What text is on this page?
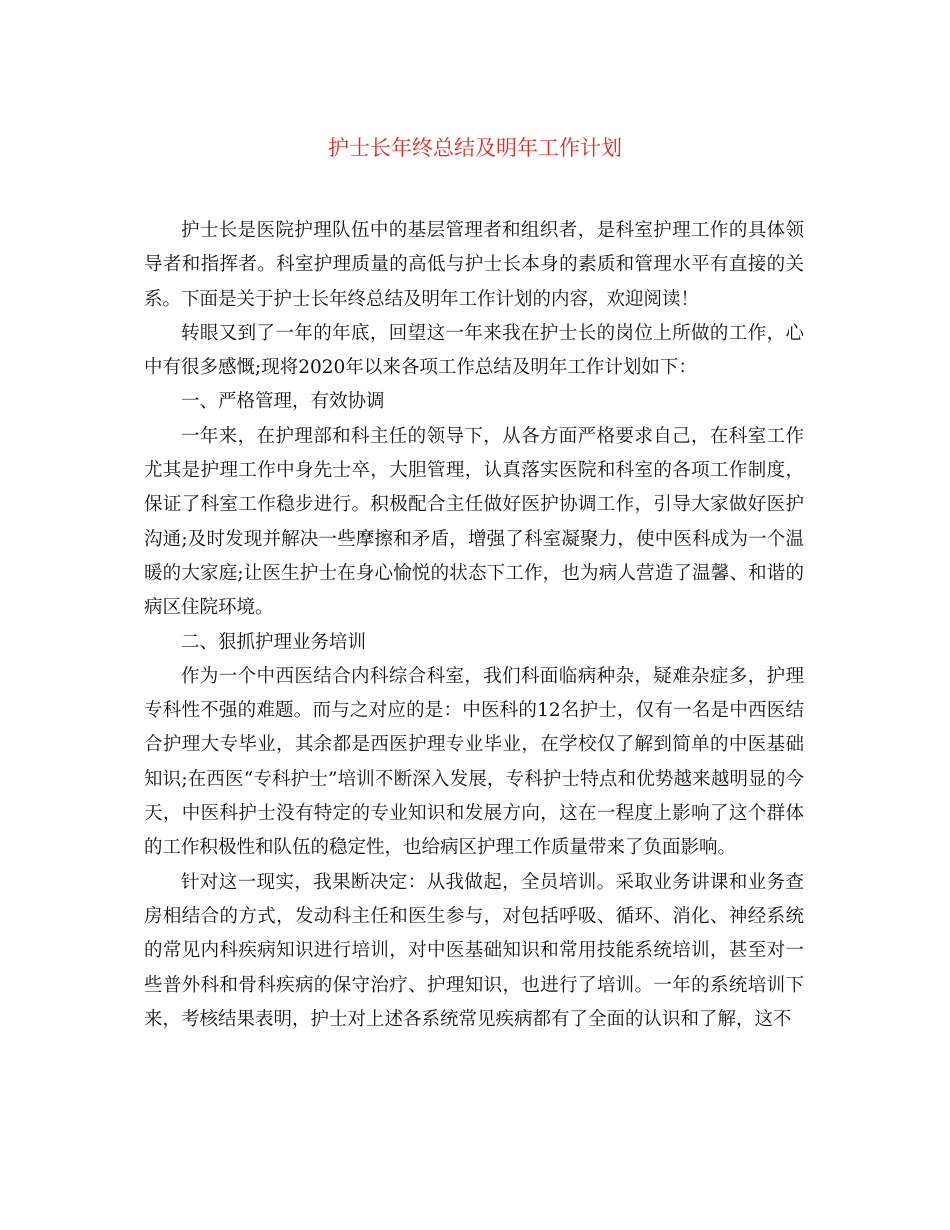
护士长年终总结及明年工作计划

护士长是医院护理队伍中的基层管理者和组织者，是科室护理工作的具体领导者和指挥者。科室护理质量的高低与护士长本身的素质和管理水平有直接的关系。下面是关于护士长年终总结及明年工作计划的内容，欢迎阅读！

转眼又到了一年的年底，回望这一年来我在护士长的岗位上所做的工作，心中有很多感慨;现将2020年以来各项工作总结及明年工作计划如下：

一、严格管理，有效协调

一年来，在护理部和科主任的领导下，从各方面严格要求自己，在科室工作尤其是护理工作中身先士卒，大胆管理，认真落实医院和科室的各项工作制度，保证了科室工作稳步进行。积极配合主任做好医护协调工作，引导大家做好医护沟通;及时发现并解决一些摩擦和矛盾，增强了科室凝聚力，使中医科成为一个温暖的大家庭;让医生护士在身心愉悦的状态下工作，也为病人营造了温馨、和谐的病区住院环境。

二、狠抓护理业务培训

作为一个中西医结合内科综合科室，我们科面临病种杂，疑难杂症多，护理专科性不强的难题。而与之对应的是：中医科的12名护士，仅有一名是中西医结合护理大专毕业，其余都是西医护理专业毕业，在学校仅了解到简单的中医基础知识;在西医“专科护士”培训不断深入发展，专科护士特点和优势越来越明显的今天，中医科护士没有特定的专业知识和发展方向，这在一程度上影响了这个群体的工作积极性和队伍的稳定性，也给病区护理工作质量带来了负面影响。

针对这一现实，我果断决定：从我做起，全员培训。采取业务讲课和业务查房相结合的方式，发动科主任和医生参与，对包括呼吸、循环、消化、神经系统的常见内科疾病知识进行培训，对中医基础知识和常用技能系统培训，甚至对一些普外科和骨科疾病的保守治疗、护理知识，也进行了培训。一年的系统培训下来，考核结果表明，护士对上述各系统常见疾病都有了全面的认识和了解，这不
